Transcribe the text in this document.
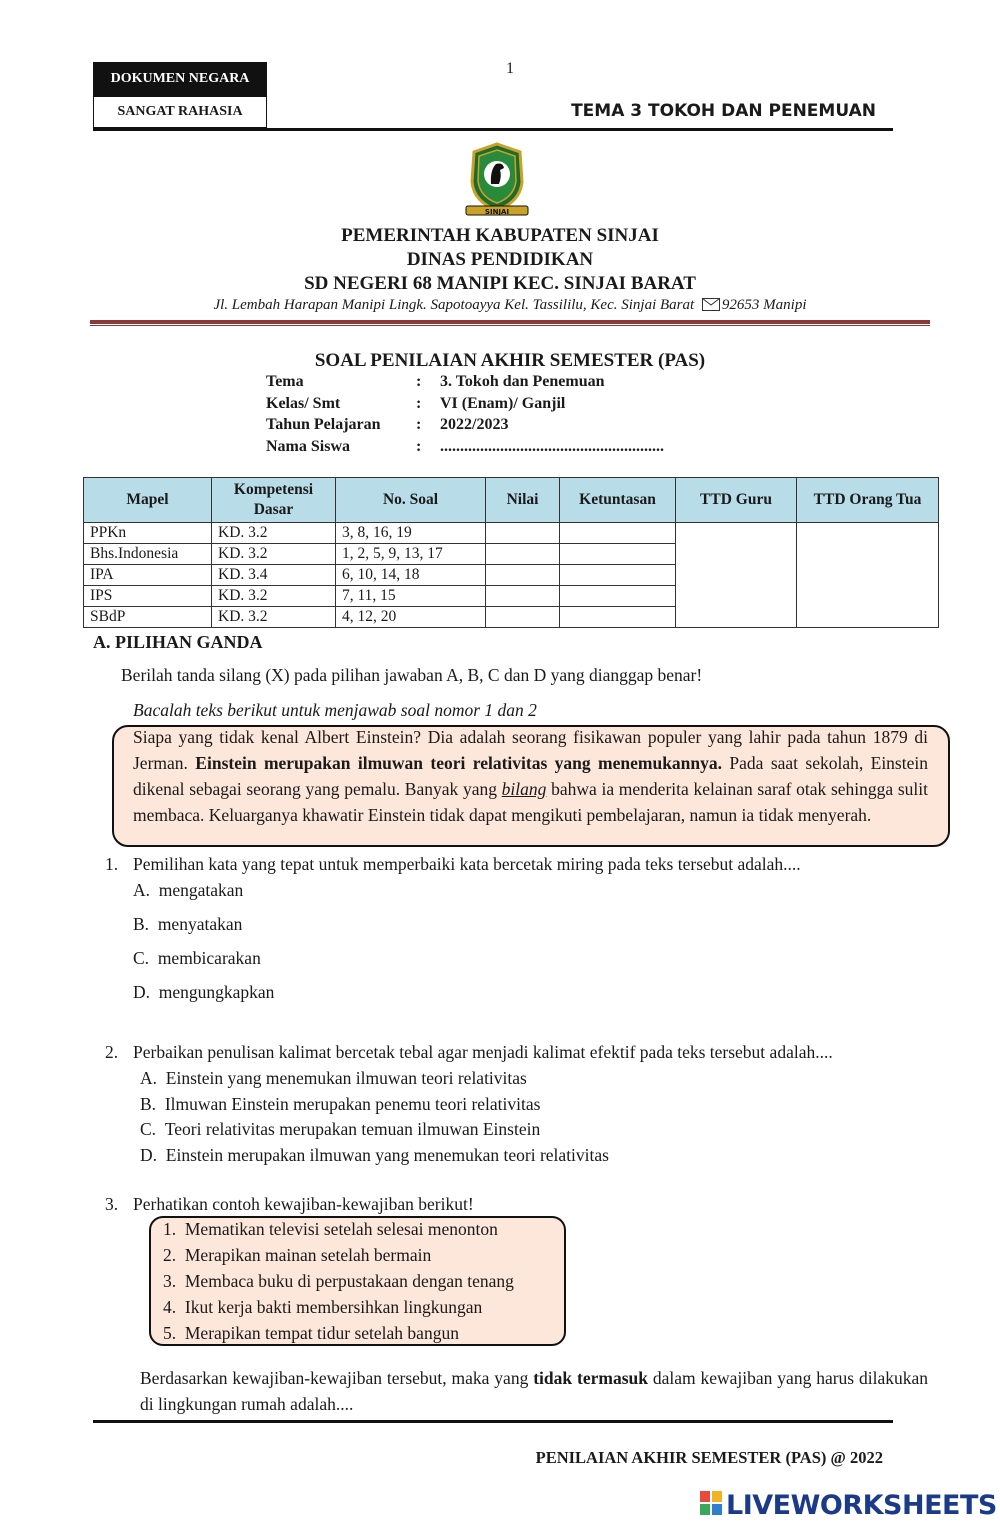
DOKUMEN NEGARA
SANGAT RAHASIA
1
TEMA 3 TOKOH DAN PENEMUAN
SINJAI
PEMERINTAH KABUPATEN SINJAI
DINAS PENDIDIKAN
SD NEGERI 68 MANIPI KEC. SINJAI BARAT
Jl. Lembah Harapan Manipi Lingk. Sapotoayya Kel. Tassililu, Kec. Sinjai Barat 92653 Manipi
SOAL PENILAIAN AKHIR SEMESTER (PAS)
Tema	: 3. Tokoh dan Penemuan
Kelas/ Smt	: VI (Enam)/ Ganjil
Tahun Pelajaran	: 2022/2023
Nama Siswa	: ........................................................
Mapel	Kompetensi Dasar	No. Soal	Nilai	Ketuntasan	TTD Guru	TTD Orang Tua
PPKn	KD. 3.2	3, 8, 16, 19				
Bhs.Indonesia	KD. 3.2	1, 2, 5, 9, 13, 17				
IPA	KD. 3.4	6, 10, 14, 18				
IPS	KD. 3.2	7, 11, 15				
SBdP	KD. 3.2	4, 12, 20				
A. PILIHAN GANDA
Berilah tanda silang (X) pada pilihan jawaban A, B, C dan D yang dianggap benar!
Bacalah teks berikut untuk menjawab soal nomor 1 dan 2
Siapa yang tidak kenal Albert Einstein? Dia adalah seorang fisikawan populer yang lahir pada tahun 1879 di Jerman. Einstein merupakan ilmuwan teori relativitas yang menemukannya. Pada saat sekolah, Einstein dikenal sebagai seorang yang pemalu. Banyak yang bilang bahwa ia menderita kelainan saraf otak sehingga sulit membaca. Keluarganya khawatir Einstein tidak dapat mengikuti pembelajaran, namun ia tidak menyerah.
1. Pemilihan kata yang tepat untuk memperbaiki kata bercetak miring pada teks tersebut adalah....
A. mengatakan
B. menyatakan
C. membicarakan
D. mengungkapkan
2. Perbaikan penulisan kalimat bercetak tebal agar menjadi kalimat efektif pada teks tersebut adalah....
A. Einstein yang menemukan ilmuwan teori relativitas
B. Ilmuwan Einstein merupakan penemu teori relativitas
C. Teori relativitas merupakan temuan ilmuwan Einstein
D. Einstein merupakan ilmuwan yang menemukan teori relativitas
3. Perhatikan contoh kewajiban-kewajiban berikut!
1. Mematikan televisi setelah selesai menonton
2. Merapikan mainan setelah bermain
3. Membaca buku di perpustakaan dengan tenang
4. Ikut kerja bakti membersihkan lingkungan
5. Merapikan tempat tidur setelah bangun
Berdasarkan kewajiban-kewajiban tersebut, maka yang tidak termasuk dalam kewajiban yang harus dilakukan di lingkungan rumah adalah....
PENILAIAN AKHIR SEMESTER (PAS) @ 2022
LIVEWORKSHEETS
